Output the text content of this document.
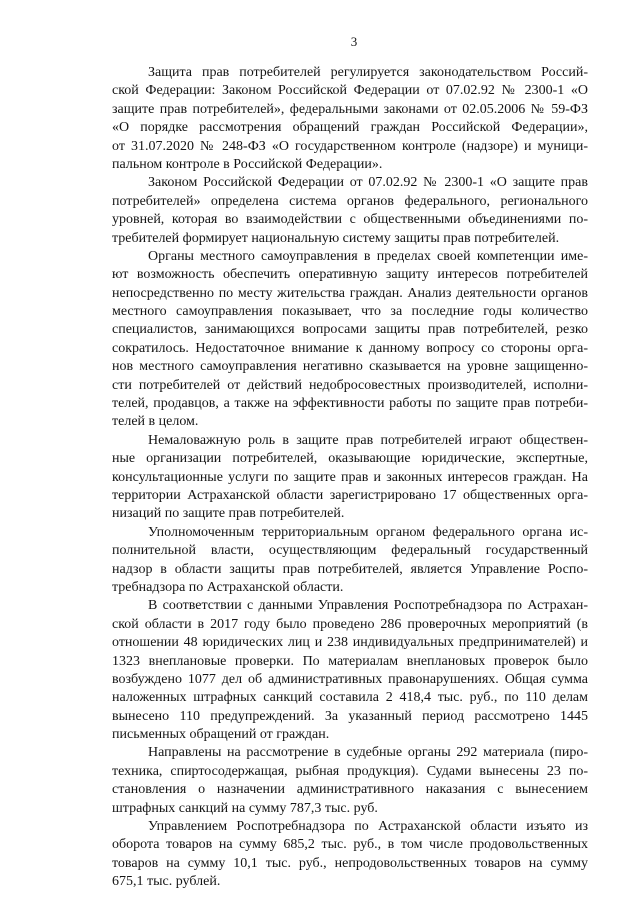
3
Защита прав потребителей регулируется законодательством Россий-
ской Федерации: Законом Российской Федерации от 07.02.92 № 2300-1 «О
защите прав потребителей», федеральными законами от 02.05.2006 № 59-ФЗ
«О порядке рассмотрения обращений граждан Российской Федерации»,
от 31.07.2020 № 248-ФЗ «О государственном контроле (надзоре) и муници-
пальном контроле в Российской Федерации».
Законом Российской Федерации от 07.02.92 № 2300-1 «О защите прав
потребителей» определена система органов федерального, регионального
уровней, которая во взаимодействии с общественными объединениями по-
требителей формирует национальную систему защиты прав потребителей.
Органы местного самоуправления в пределах своей компетенции име-
ют возможность обеспечить оперативную защиту интересов потребителей
непосредственно по месту жительства граждан. Анализ деятельности органов
местного самоуправления показывает, что за последние годы количество
специалистов, занимающихся вопросами защиты прав потребителей, резко
сократилось. Недостаточное внимание к данному вопросу со стороны орга-
нов местного самоуправления негативно сказывается на уровне защищенно-
сти потребителей от действий недобросовестных производителей, исполни-
телей, продавцов, а также на эффективности работы по защите прав потреби-
телей в целом.
Немаловажную роль в защите прав потребителей играют обществен-
ные организации потребителей, оказывающие юридические, экспертные,
консультационные услуги по защите прав и законных интересов граждан. На
территории Астраханской области зарегистрировано 17 общественных орга-
низаций по защите прав потребителей.
Уполномоченным территориальным органом федерального органа ис-
полнительной власти, осуществляющим федеральный государственный
надзор в области защиты прав потребителей, является Управление Роспо-
требнадзора по Астраханской области.
В соответствии с данными Управления Роспотребнадзора по Астрахан-
ской области в 2017 году было проведено 286 проверочных мероприятий (в
отношении 48 юридических лиц и 238 индивидуальных предпринимателей) и
1323 внеплановые проверки. По материалам внеплановых проверок было
возбуждено 1077 дел об административных правонарушениях. Общая сумма
наложенных штрафных санкций составила 2 418,4 тыс. руб., по 110 делам
вынесено 110 предупреждений. За указанный период рассмотрено 1445
письменных обращений от граждан.
Направлены на рассмотрение в судебные органы 292 материала (пиро-
техника, спиртосодержащая, рыбная продукция). Судами вынесены 23 по-
становления о назначении административного наказания с вынесением
штрафных санкций на сумму 787,3 тыс. руб.
Управлением Роспотребнадзора по Астраханской области изъято из
оборота товаров на сумму 685,2 тыс. руб., в том числе продовольственных
товаров на сумму 10,1 тыс. руб., непродовольственных товаров на сумму
675,1 тыс. рублей.
